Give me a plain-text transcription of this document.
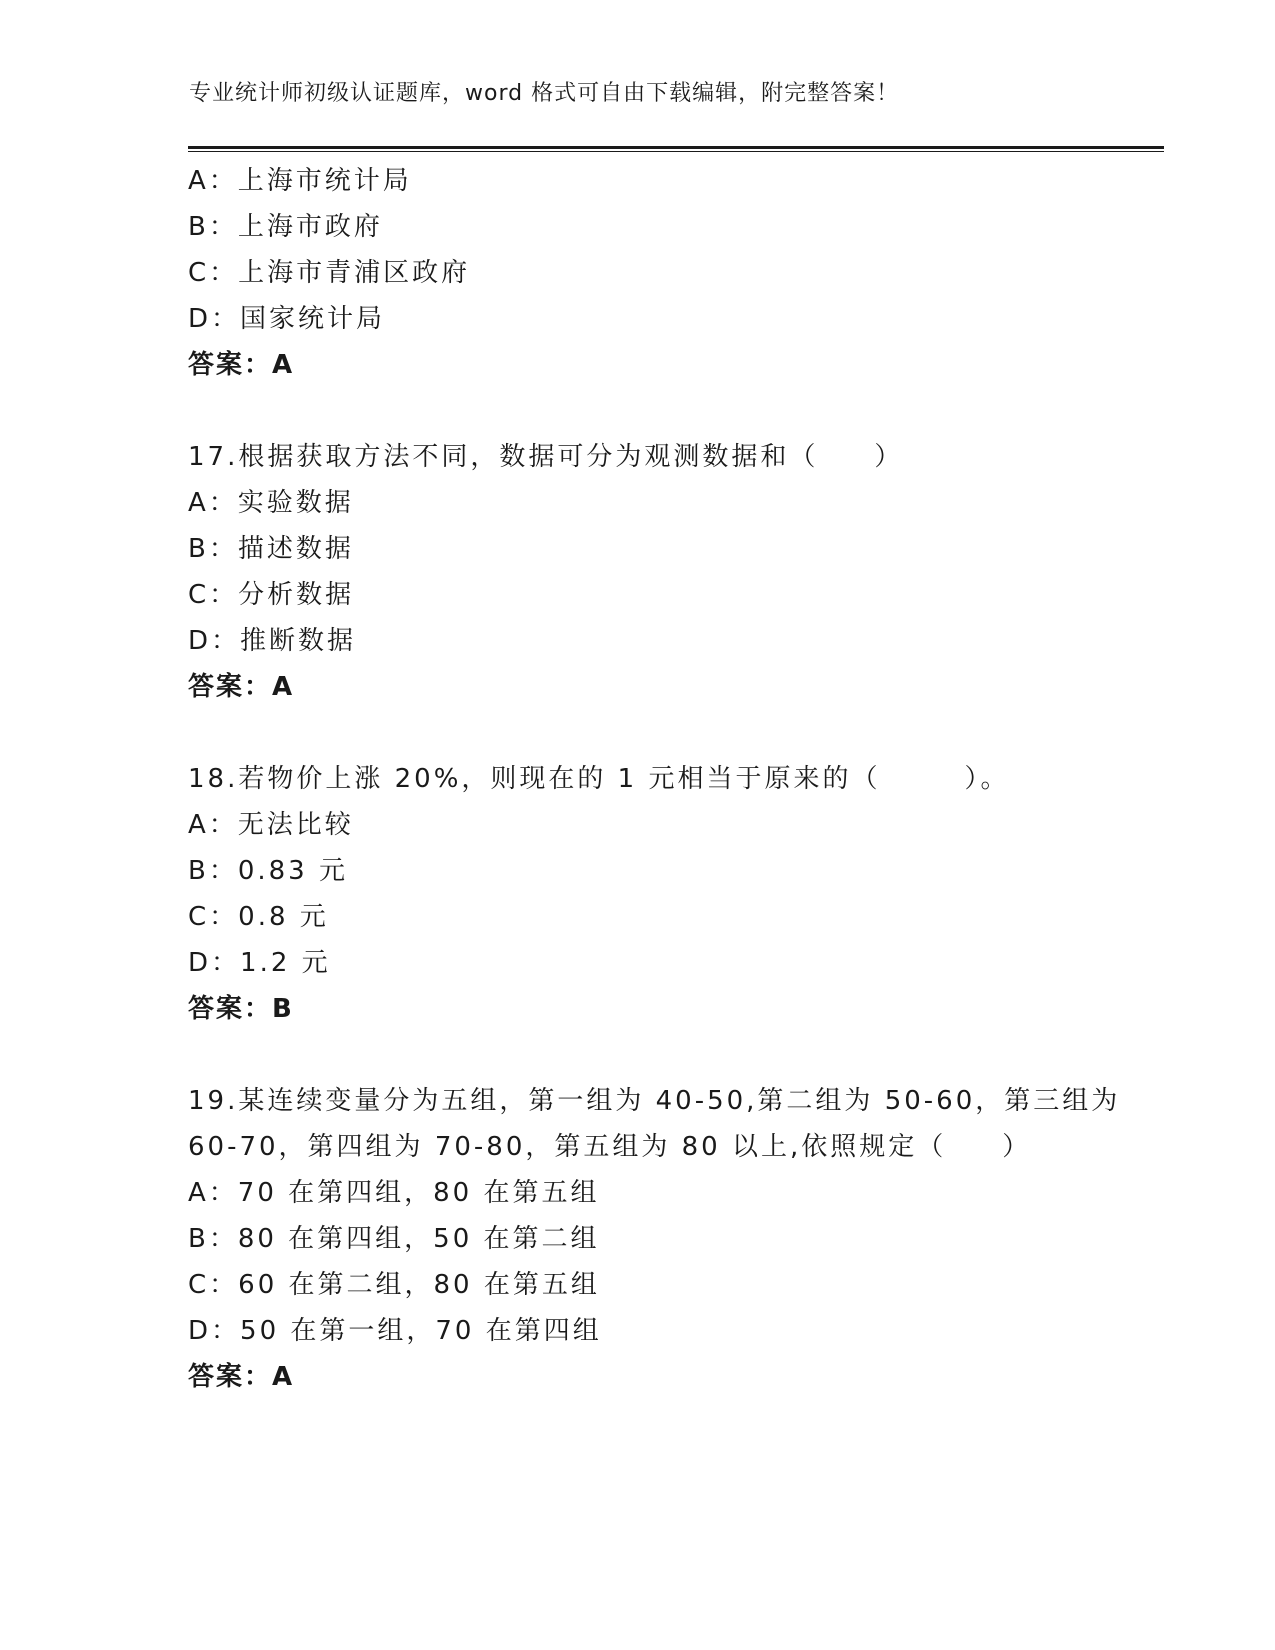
专业统计师初级认证题库，word 格式可自由下载编辑，附完整答案！
A：上海市统计局
B：上海市政府
C：上海市青浦区政府
D：国家统计局
答案：A
17.根据获取方法不同，数据可分为观测数据和（ ）
A：实验数据
B：描述数据
C：分析数据
D：推断数据
答案：A
18.若物价上涨 20%，则现在的 1 元相当于原来的（	）。
A：无法比较
B：0.83 元
C：0.8 元
D：1.2 元
答案：B
19.某连续变量分为五组，第一组为 40-50,第二组为 50-60，第三组为
60-70，第四组为 70-80，第五组为 80 以上,依照规定（ ）
A：70 在第四组，80 在第五组
B：80 在第四组，50 在第二组
C：60 在第二组，80 在第五组
D：50 在第一组，70 在第四组
答案：A
